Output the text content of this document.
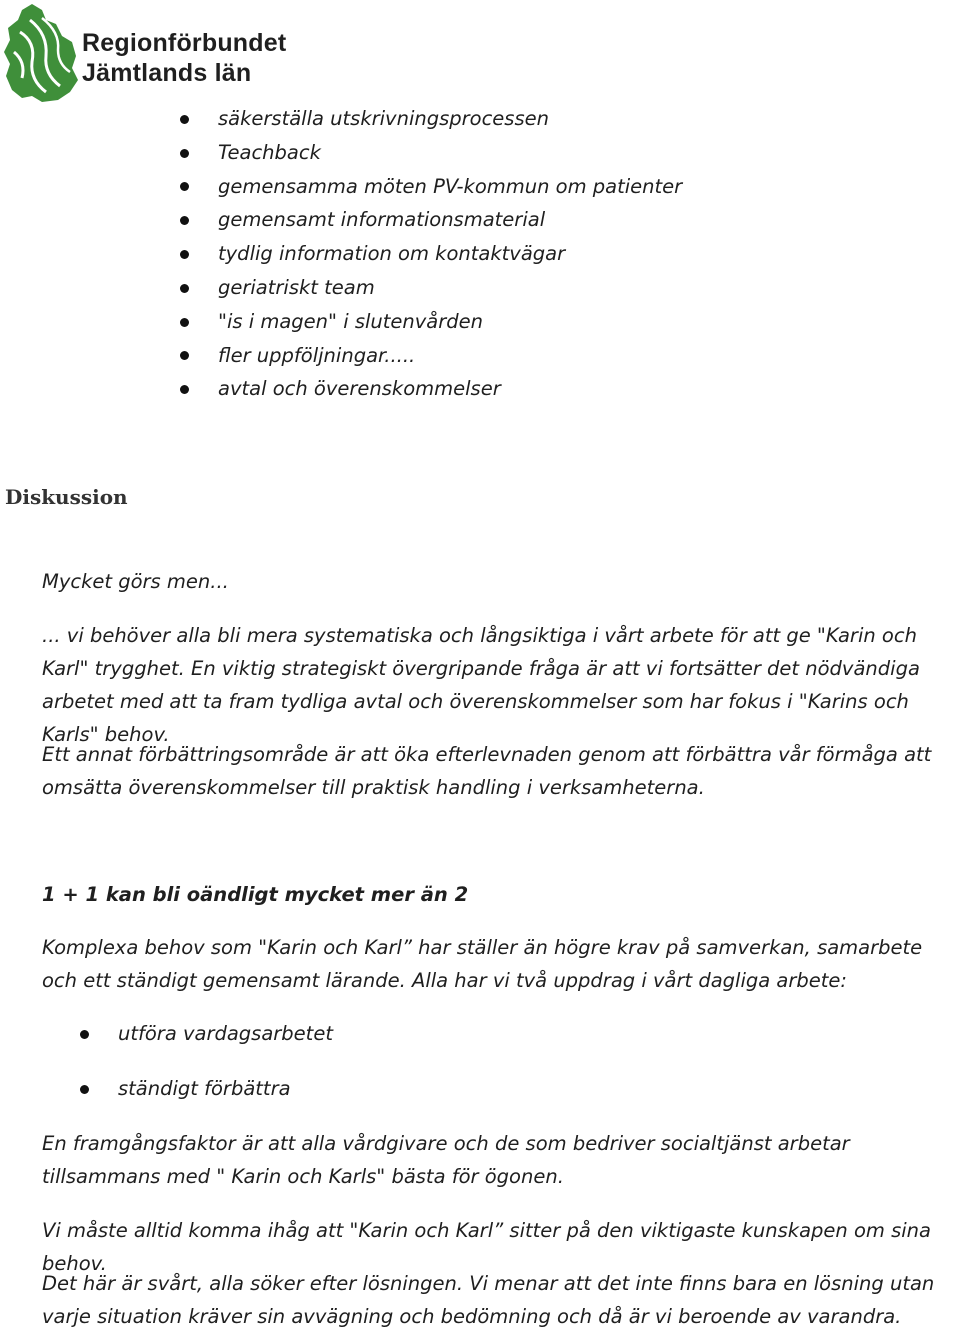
Regionförbundet
Jämtlands län
säkerställa utskrivningsprocessen
Teachback
gemensamma möten PV-kommun om patienter
gemensamt informationsmaterial
tydlig information om kontaktvägar
geriatriskt team
"is i magen" i slutenvården
fler uppföljningar.....
avtal och överenskommelser
Diskussion

Mycket görs men...

... vi behöver alla bli mera systematiska och långsiktiga i vårt arbete för att ge "Karin och Karl" trygghet. En viktig strategiskt övergripande fråga är att vi fortsätter det nödvändiga arbetet med att ta fram tydliga avtal och överenskommelser som har fokus i "Karins och Karls" behov.

Ett annat förbättringsområde är att öka efterlevnaden genom att förbättra vår förmåga att omsätta överenskommelser till praktisk handling i verksamheterna.

1 + 1 kan bli oändligt mycket mer än 2

Komplexa behov som "Karin och Karl” har ställer än högre krav på samverkan, samarbete och ett ständigt gemensamt lärande. Alla har vi två uppdrag i vårt dagliga arbete:

utföra vardagsarbetet
ständigt förbättra

En framgångsfaktor är att alla vårdgivare och de som bedriver socialtjänst arbetar tillsammans med " Karin och Karls" bästa för ögonen.

Vi måste alltid komma ihåg att "Karin och Karl” sitter på den viktigaste kunskapen om sina behov.

Det här är svårt, alla söker efter lösningen. Vi menar att det inte finns bara en lösning utan varje situation kräver sin avvägning och bedömning och då är vi beroende av varandra.
